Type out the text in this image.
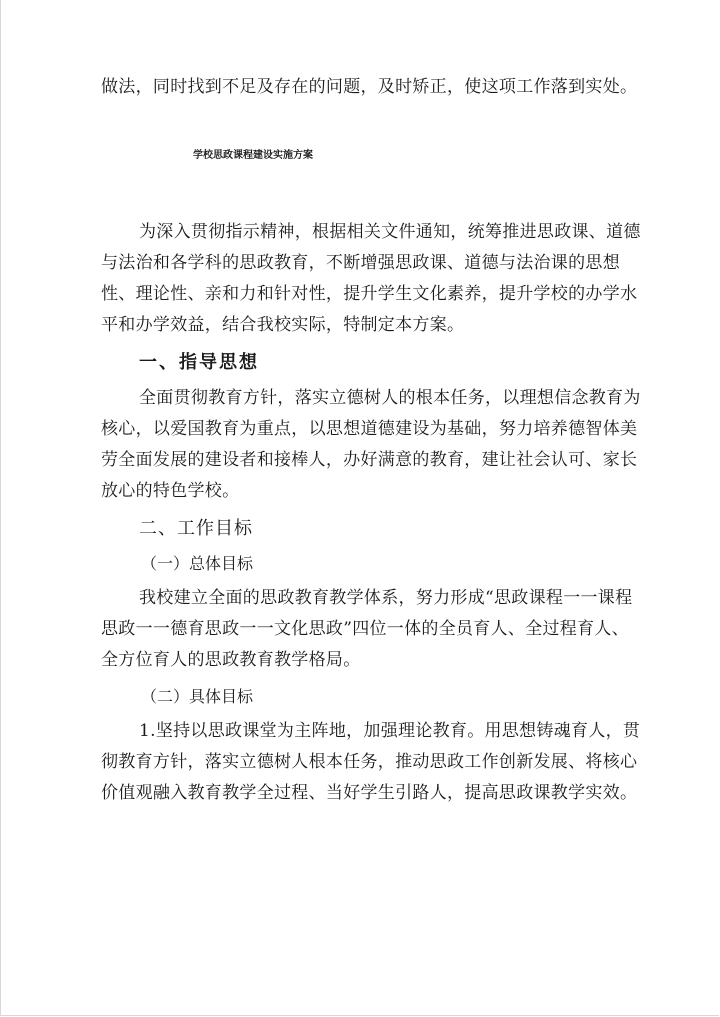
做法，同时找到不足及存在的问题，及时矫正，使这项工作落到实处。

学校思政课程建设实施方案

为深入贯彻指示精神，根据相关文件通知，统筹推进思政课、道德与法治和各学科的思政教育，不断增强思政课、道德与法治课的思想性、理论性、亲和力和针对性，提升学生文化素养，提升学校的办学水平和办学效益，结合我校实际，特制定本方案。

一、指导思想

全面贯彻教育方针，落实立德树人的根本任务，以理想信念教育为核心，以爱国教育为重点，以思想道德建设为基础，努力培养德智体美劳全面发展的建设者和接棒人，办好满意的教育，建让社会认可、家长放心的特色学校。

二、工作目标
（一）总体目标

我校建立全面的思政教育教学体系，努力形成“思政课程一一课程思政一一德育思政一一文化思政”四位一体的全员育人、全过程育人、全方位育人的思政教育教学格局。

（二）具体目标

1.坚持以思政课堂为主阵地，加强理论教育。用思想铸魂育人，贯彻教育方针，落实立德树人根本任务，推动思政工作创新发展、将核心价值观融入教育教学全过程、当好学生引路人，提高思政课教学实效。
